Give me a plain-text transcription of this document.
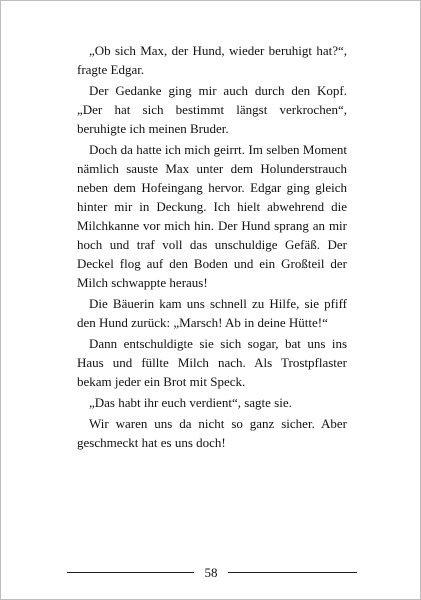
„Ob sich Max, der Hund, wieder beruhigt hat?“, fragte Edgar.

Der Gedanke ging mir auch durch den Kopf. „Der hat sich bestimmt längst verkrochen“, beruhigte ich meinen Bruder.

Doch da hatte ich mich geirrt. Im selben Moment nämlich sauste Max unter dem Holunderstrauch neben dem Hofeingang hervor. Edgar ging gleich hinter mir in Deckung. Ich hielt abwehrend die Milchkanne vor mich hin. Der Hund sprang an mir hoch und traf voll das unschuldige Gefäß. Der Deckel flog auf den Boden und ein Großteil der Milch schwappte heraus!

Die Bäuerin kam uns schnell zu Hilfe, sie pfiff den Hund zurück: „Marsch! Ab in deine Hütte!“

Dann entschuldigte sie sich sogar, bat uns ins Haus und füllte Milch nach. Als Trostpflaster bekam jeder ein Brot mit Speck.

„Das habt ihr euch verdient“, sagte sie.

Wir waren uns da nicht so ganz sicher. Aber geschmeckt hat es uns doch!

58
